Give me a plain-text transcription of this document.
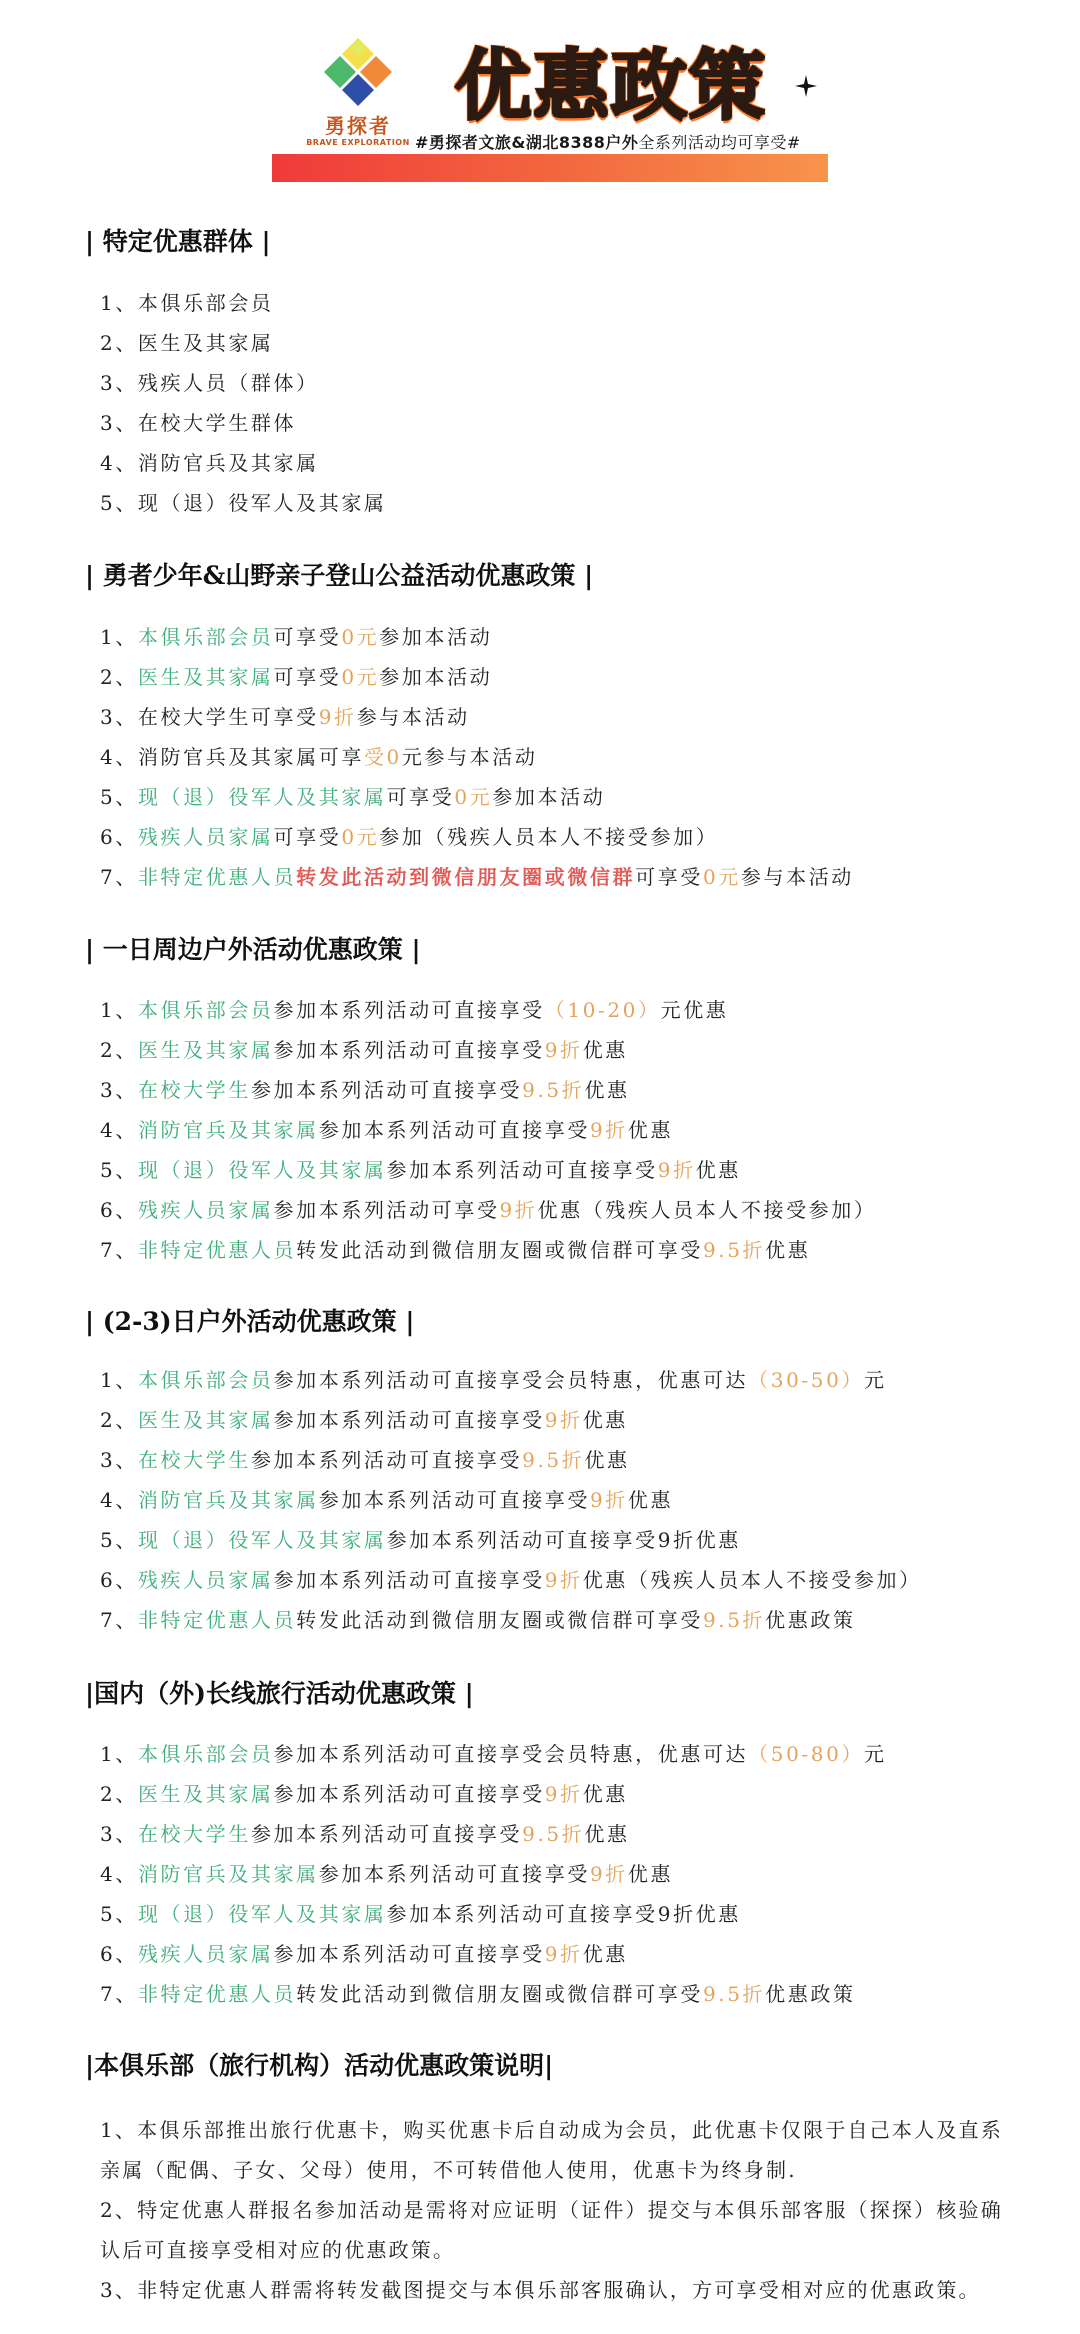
勇探者
BRAVE EXPLORATION
优惠政策
#勇探者文旅&湖北8388户外全系列活动均可享受#
| 特定优惠群体 |
1、本俱乐部会员
2、医生及其家属
3、残疾人员（群体）
3、在校大学生群体
4、消防官兵及其家属
5、现（退）役军人及其家属
| 勇者少年&山野亲子登山公益活动优惠政策 |
1、本俱乐部会员可享受0元参加本活动
2、医生及其家属可享受0元参加本活动
3、在校大学生可享受9折参与本活动
4、消防官兵及其家属可享受0元参与本活动
5、现（退）役军人及其家属可享受0元参加本活动
6、残疾人员家属可享受0元参加（残疾人员本人不接受参加）
7、非特定优惠人员转发此活动到微信朋友圈或微信群可享受0元参与本活动
| 一日周边户外活动优惠政策 |
1、本俱乐部会员参加本系列活动可直接享受（10-20）元优惠
2、医生及其家属参加本系列活动可直接享受9折优惠
3、在校大学生参加本系列活动可直接享受9.5折优惠
4、消防官兵及其家属参加本系列活动可直接享受9折优惠
5、现（退）役军人及其家属参加本系列活动可直接享受9折优惠
6、残疾人员家属参加本系列活动可享受9折优惠（残疾人员本人不接受参加）
7、非特定优惠人员转发此活动到微信朋友圈或微信群可享受9.5折优惠
| (2-3)日户外活动优惠政策 |
1、本俱乐部会员参加本系列活动可直接享受会员特惠，优惠可达（30-50）元
2、医生及其家属参加本系列活动可直接享受9折优惠
3、在校大学生参加本系列活动可直接享受9.5折优惠
4、消防官兵及其家属参加本系列活动可直接享受9折优惠
5、现（退）役军人及其家属参加本系列活动可直接享受9折优惠
6、残疾人员家属参加本系列活动可直接享受9折优惠（残疾人员本人不接受参加）
7、非特定优惠人员转发此活动到微信朋友圈或微信群可享受9.5折优惠政策
|国内（外)长线旅行活动优惠政策 |
1、本俱乐部会员参加本系列活动可直接享受会员特惠，优惠可达（50-80）元
2、医生及其家属参加本系列活动可直接享受9折优惠
3、在校大学生参加本系列活动可直接享受9.5折优惠
4、消防官兵及其家属参加本系列活动可直接享受9折优惠
5、现（退）役军人及其家属参加本系列活动可直接享受9折优惠
6、残疾人员家属参加本系列活动可直接享受9折优惠
7、非特定优惠人员转发此活动到微信朋友圈或微信群可享受9.5折优惠政策
|本俱乐部（旅行机构）活动优惠政策说明|
1、本俱乐部推出旅行优惠卡，购买优惠卡后自动成为会员，此优惠卡仅限于自己本人及直系亲属（配偶、子女、父母）使用，不可转借他人使用，优惠卡为终身制.
2、特定优惠人群报名参加活动是需将对应证明（证件）提交与本俱乐部客服（探探）核验确认后可直接享受相对应的优惠政策。
3、非特定优惠人群需将转发截图提交与本俱乐部客服确认，方可享受相对应的优惠政策。
